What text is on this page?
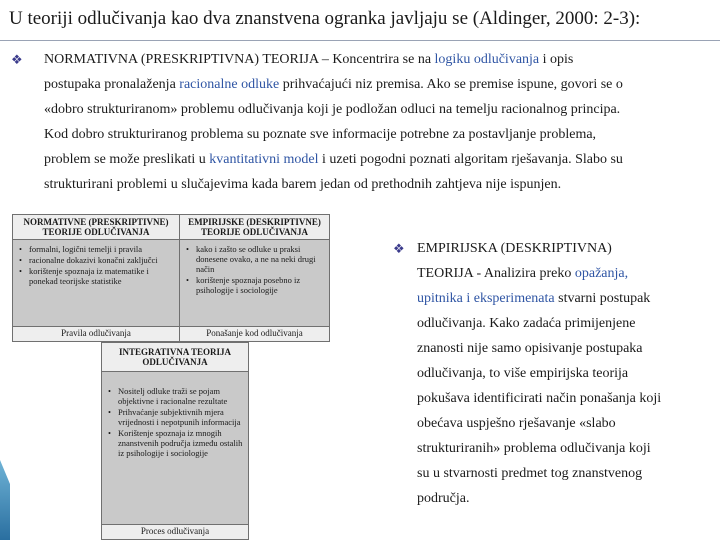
U teoriji odlučivanja kao dva znanstvena ogranka javljaju se (Aldinger, 2000: 2-3):
❖ NORMATIVNA (PRESKRIPTIVNA) TEORIJA – Koncentrira se na logiku odlučivanja i opis
postupaka pronalaženja racionalne odluke prihvaćajući niz premisa. Ako se premise ispune, govori se o
«dobro strukturiranom» problemu odlučivanja koji je podložan odluci na temelju racionalnog principa.
Kod dobro strukturiranog problema su poznate sve informacije potrebne za postavljanje problema,
problem se može preslikati u kvantitativni model i uzeti pogodni poznati algoritam rješavanja. Slabo su
strukturirani problemi u slučajevima kada barem jedan od prethodnih zahtjeva nije ispunjen.
NORMATIVNE (PRESKRIPTIVNE) TEORIJE ODLUČIVANJA
• formalni, logični temelji i pravila
• racionalne dokazivi konačni zaključci
• korištenje spoznaja iz matematike i ponekad teorijske statistike
Pravila odlučivanja
EMPIRIJSKE (DESKRIPTIVNE) TEORIJE ODLUČIVANJA
• kako i zašto se odluke u praksi donesene ovako, a ne na neki drugi način
• korištenje spoznaja posebno iz psihologije i sociologije
Ponašanje kod odlučivanja
INTEGRATIVNA TEORIJA ODLUČIVANJA
• Nositelj odluke traži se pojam objektivne i racionalne rezultate
• Prihvaćanje subjektivnih mjera vrijednosti i nepotpunih informacija
• Korištenje spoznaja iz mnogih znanstvenih područja između ostalih iz psihologije i sociologije
Proces odlučivanja
❖ EMPIRIJSKA (DESKRIPTIVNA)
TEORIJA - Analizira preko opažanja,
upitnika i eksperimenata stvarni postupak
odlučivanja. Kako zadaća primijenjene
znanosti nije samo opisivanje postupaka
odlučivanja, to više empirijska teorija
pokušava identificirati način ponašanja koji
obećava uspješno rješavanje «slabo
strukturiranih» problema odlučivanja koji
su u stvarnosti predmet tog znanstvenog
područja.
